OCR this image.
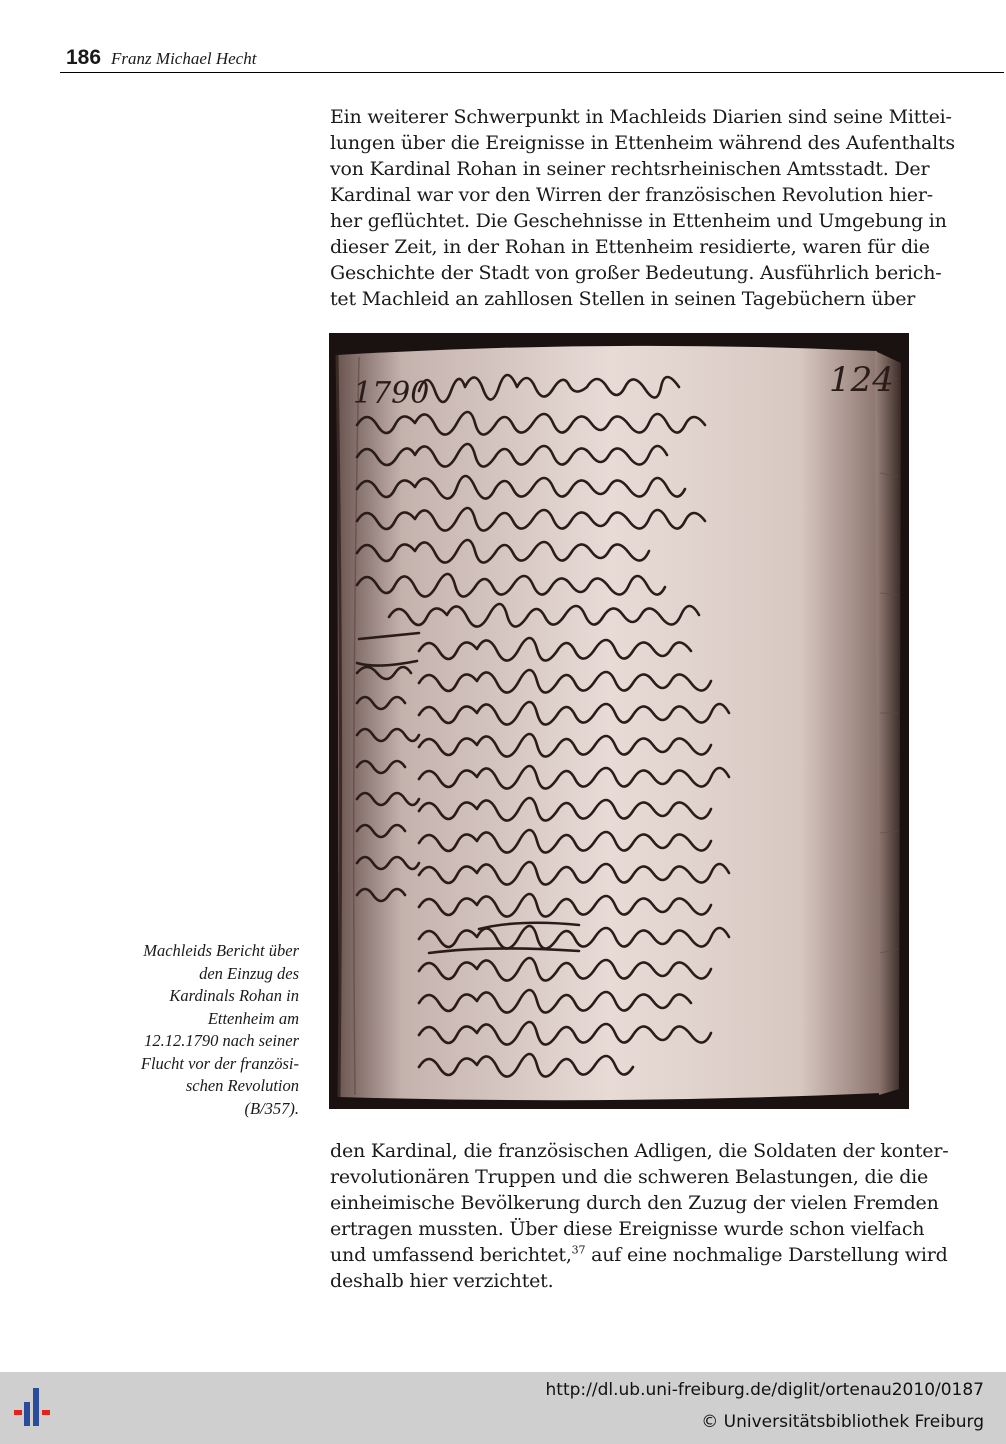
186 Franz Michael Hecht
Ein weiterer Schwerpunkt in Machleids Diarien sind seine Mittei-
lungen über die Ereignisse in Ettenheim während des Aufenthalts
von Kardinal Rohan in seiner rechtsrheinischen Amtsstadt. Der
Kardinal war vor den Wirren der französischen Revolution hier-
her geflüchtet. Die Geschehnisse in Ettenheim und Umgebung in
dieser Zeit, in der Rohan in Ettenheim residierte, waren für die
Geschichte der Stadt von großer Bedeutung. Ausführlich berich-
tet Machleid an zahllosen Stellen in seinen Tagebüchern über
1790	124
Machleids Bericht über
den Einzug des
Kardinals Rohan in
Ettenheim am
12.12.1790 nach seiner
Flucht vor der französi-
schen Revolution
(B/357).
den Kardinal, die französischen Adligen, die Soldaten der konter-
revolutionären Truppen und die schweren Belastungen, die die
einheimische Bevölkerung durch den Zuzug der vielen Fremden
ertragen mussten. Über diese Ereignisse wurde schon vielfach
und umfassend berichtet,$^{37}$ auf eine nochmalige Darstellung wird
deshalb hier verzichtet.
http://dl.ub.uni-freiburg.de/diglit/ortenau2010/0187
© Universitätsbibliothek Freiburg
